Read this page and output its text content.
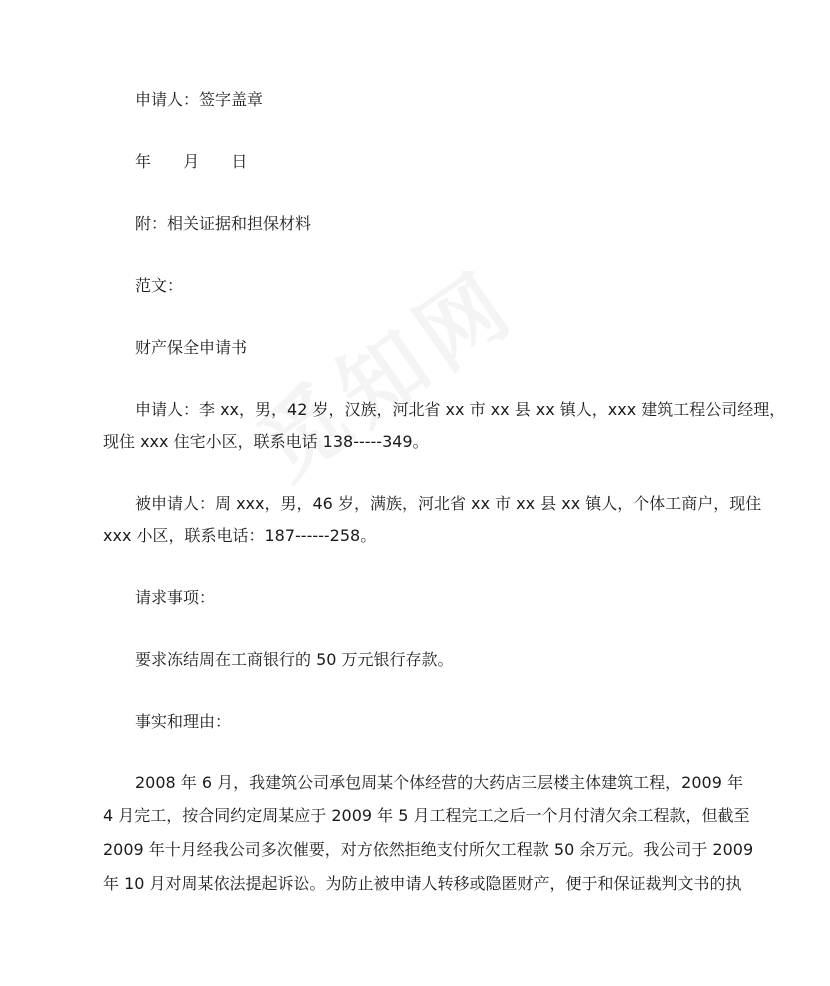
申请人：签字盖章
年 月 日
附：相关证据和担保材料
范文：
财产保全申请书
申请人：李 xx，男，42 岁，汉族，河北省 xx 市 xx 县 xx 镇人，xxx 建筑工程公司经理，
现住 xxx 住宅小区，联系电话 138-----349。
被申请人：周 xxx，男，46 岁，满族，河北省 xx 市 xx 县 xx 镇人，个体工商户，现住
xxx 小区，联系电话：187------258。
请求事项：
要求冻结周在工商银行的 50 万元银行存款。
事实和理由：
2008 年 6 月，我建筑公司承包周某个体经营的大药店三层楼主体建筑工程，2009 年
4 月完工，按合同约定周某应于 2009 年 5 月工程完工之后一个月付清欠余工程款，但截至
2009 年十月经我公司多次催要，对方依然拒绝支付所欠工程款 50 余万元。我公司于 2009
年 10 月对周某依法提起诉讼。为防止被申请人转移或隐匿财产，便于和保证裁判文书的执
